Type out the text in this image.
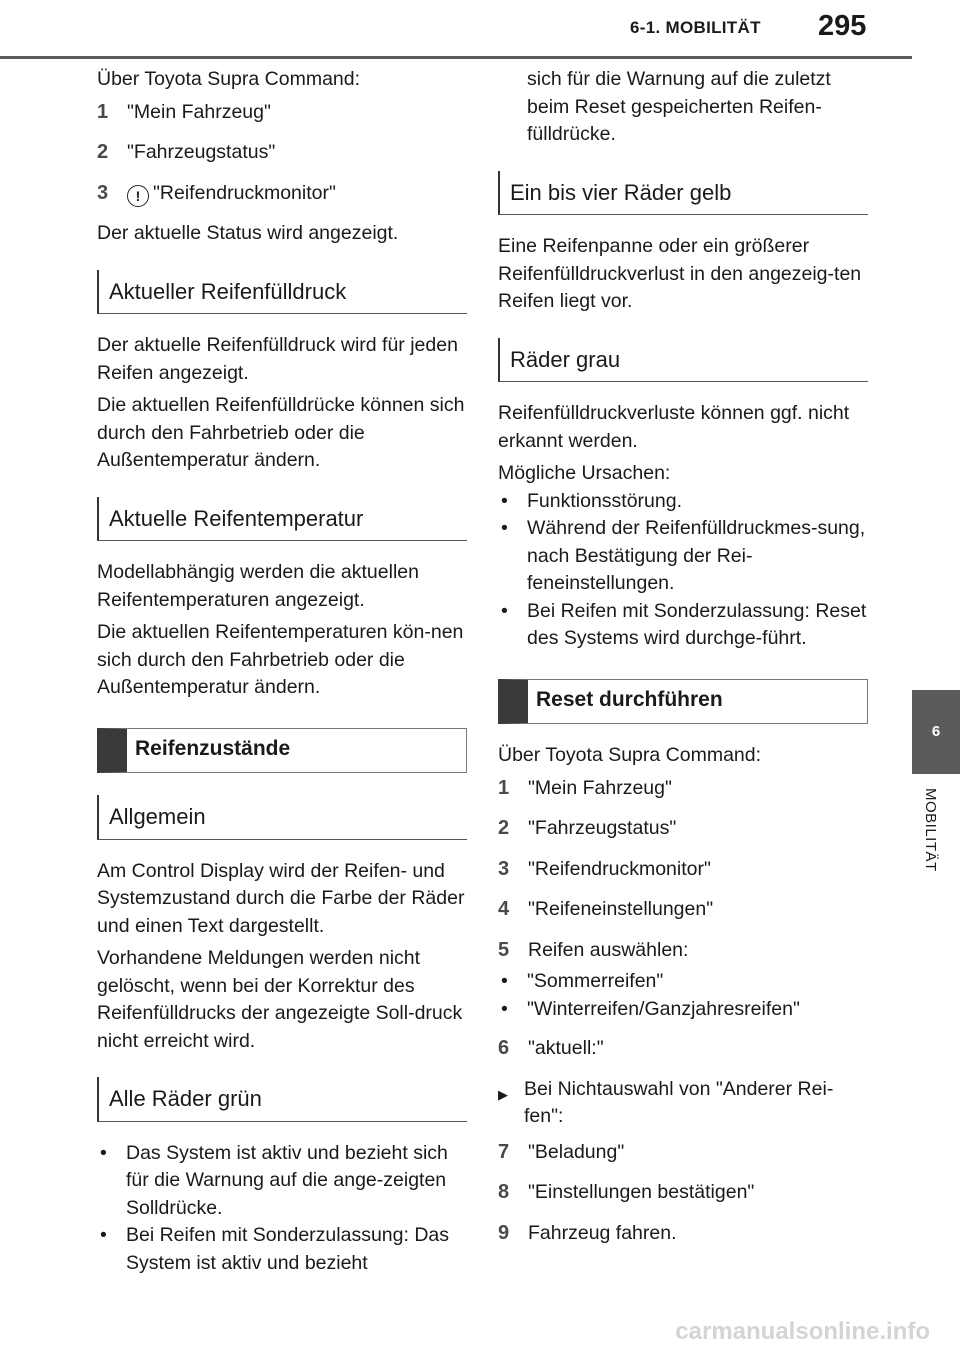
6-1. MOBILITÄT 295
6
MOBILITÄT

Über Toyota Supra Command:

1 "Mein Fahrzeug"
2 "Fahrzeugstatus"
3	! "Reifendruckmonitor"

Der aktuelle Status wird angezeigt.

Aktueller Reifenfülldruck

Der aktuelle Reifenfülldruck wird für jeden Reifen angezeigt.

Die aktuellen Reifenfülldrücke können sich durch den Fahrbetrieb oder die Außentemperatur ändern.

Aktuelle Reifentemperatur

Modellabhängig werden die aktuellen Reifentemperaturen angezeigt.

Die aktuellen Reifentemperaturen kön-nen sich durch den Fahrbetrieb oder die Außentemperatur ändern.

Reifenzustände
Allgemein

Am Control Display wird der Reifen- und Systemzustand durch die Farbe der Räder und einen Text dargestellt.

Vorhandene Meldungen werden nicht gelöscht, wenn bei der Korrektur des Reifenfülldrucks der angezeigte Soll-druck nicht erreicht wird.

Alle Räder grün
• Das System ist aktiv und bezieht sich für die Warnung auf die ange-zeigten Solldrücke.
• Bei Reifen mit Sonderzulassung: Das System ist aktiv und bezieht
sich für die Warnung auf die zuletzt beim Reset gespeicherten Reifen-fülldrücke.
Ein bis vier Räder gelb

Eine Reifenpanne oder ein größerer Reifenfülldruckverlust in den angezeig-ten Reifen liegt vor.

Räder grau

Reifenfülldruckverluste können ggf. nicht erkannt werden.

Mögliche Ursachen:

• Funktionsstörung.
• Während der Reifenfülldruckmes-sung, nach Bestätigung der Rei-feneinstellungen.
• Bei Reifen mit Sonderzulassung: Reset des Systems wird durchge-führt.
Reset durchführen

Über Toyota Supra Command:

1 "Mein Fahrzeug"
2 "Fahrzeugstatus"
3 "Reifendruckmonitor"
4 "Reifeneinstellungen"
5 Reifen auswählen:
• "Sommerreifen"
• "Winterreifen/Ganzjahresreifen"
6 "aktuell:"
▶ Bei Nichtauswahl von "Anderer Rei-fen":
7 "Beladung"
8 "Einstellungen bestätigen"
9 Fahrzeug fahren.
carmanualsonline.info
